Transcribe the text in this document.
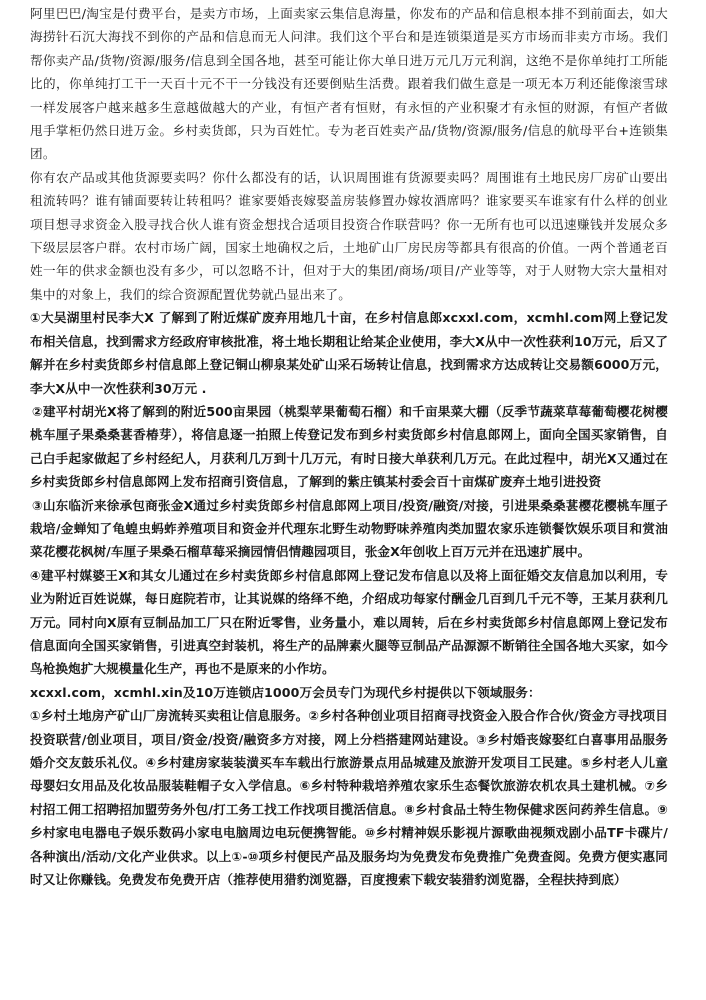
阿里巴巴/淘宝是付费平台，是卖方市场，上面卖家云集信息海量，你发布的产品和信息根本排不到前面去，如大海捞针石沉大海找不到你的产品和信息而无人问津。我们这个平台和是连锁渠道是买方市场而非卖方市场。我们帮你卖产品/货物/资源/服务/信息到全国各地，甚至可能让你大单日进万元几万元利润，这绝不是你单纯打工所能比的，你单纯打工干一天百十元不干一分钱没有还要倒贴生活费。跟着我们做生意是一项无本万利还能像滚雪球一样发展客户越来越多生意越做越大的产业，有恒产者有恒财，有永恒的产业积聚才有永恒的财源，有恒产者做甩手掌柜仍然日进万金。乡村卖货郎，只为百姓忙。专为老百姓卖产品/货物/资源/服务/信息的航母平台+连锁集团。

你有农产品或其他货源要卖吗？你什么都没有的话，认识周围谁有货源要卖吗？周围谁有土地民房厂房矿山要出租流转吗？谁有铺面要转让转租吗？谁家要婚丧嫁娶盖房装修置办嫁妆酒席吗？谁家要买车谁家有什么样的创业项目想寻求资金入股寻找合伙人谁有资金想找合适项目投资合作联营吗？你一无所有也可以迅速赚钱并发展众多下级层层客户群。农村市场广阔，国家土地确权之后，土地矿山厂房民房等都具有很高的价值。一两个普通老百姓一年的供求金额也没有多少，可以忽略不计，但对于大的集团/商场/项目/产业等等，对于人财物大宗大量相对集中的对象上，我们的综合资源配置优势就凸显出来了。

①大吴湖里村民李大X 了解到了附近煤矿废弃用地几十亩，在乡村信息郎xcxxl.com，xcmhl.com网上登记发布相关信息，找到需求方经政府审核批准，将土地长期租让给某企业使用，李大X从中一次性获利10万元，后又了解并在乡村卖货郎乡村信息郎上登记铜山柳泉某处矿山采石场转让信息，找到需求方达成转让交易额6000万元，李大X从中一次性获利30万元 .

②建平村胡光X将了解到的附近500亩果园（桃梨苹果葡萄石榴）和千亩果菜大棚（反季节蔬菜草莓葡萄樱花树樱桃车厘子果桑桑葚香椿芽），将信息逐一拍照上传登记发布到乡村卖货郎乡村信息郎网上，面向全国买家销售，自己白手起家做起了乡村经纪人，月获利几万到十几万元，有时日接大单获利几万元。在此过程中，胡光X又通过在乡村卖货郎乡村信息郎网上发布招商引资信息，了解到的紫庄镇某村委会百十亩煤矿废弃土地引进投资

③山东临沂来徐承包商张金X通过乡村卖货郎乡村信息郎网上项目/投资/融资/对接，引进果桑桑葚樱花樱桃车厘子栽培/金蝉知了龟蝗虫蚂蚱养殖项目和资金并代理东北野生动物野味养殖肉类加盟农家乐连锁餐饮娱乐项目和赏油菜花樱花枫树/车厘子果桑石榴草莓采摘园情侣情趣园项目，张金X年创收上百万元并在迅速扩展中。

④建平村媒婆王X和其女儿通过在乡村卖货郎乡村信息郎网上登记发布信息以及将上面征婚交友信息加以利用，专业为附近百姓说媒，每日庭院若市，让其说媒的络绎不绝，介绍成功每家付酬金几百到几千元不等，王某月获利几万元。同村向X原有豆制品加工厂只在附近零售，业务量小，难以周转，后在乡村卖货郎乡村信息郎网上登记发布信息面向全国买家销售，引进真空封装机，将生产的品牌素火腿等豆制品产品源源不断销往全国各地大买家，如今鸟枪换炮扩大规模量化生产，再也不是原来的小作坊。

xcxxl.com，xcmhl.xin及10万连锁店1000万会员专门为现代乡村提供以下领域服务：

①乡村土地房产矿山厂房流转买卖租让信息服务。②乡村各种创业项目招商寻找资金入股合作合伙/资金方寻找项目投资联营/创业项目，项目/资金/投资/融资多方对接，网上分档搭建网站建设。③乡村婚丧嫁娶红白喜事用品服务婚介交友鼓乐礼仪。④乡村建房家装装潢买车车载出行旅游景点用品城建及旅游开发项目工民建。⑤乡村老人儿童母婴妇女用品及化妆品服装鞋帽子女入学信息。⑥乡村特种栽培养殖农家乐生态餐饮旅游农机农具土建机械。⑦乡村招工佣工招聘招加盟劳务外包/打工务工找工作找项目揽活信息。⑧乡村食品土特生物保健求医问药养生信息。⑨乡村家电电器电子娱乐数码小家电电脑周边电玩便携智能。⑩乡村精神娱乐影视片源歌曲视频戏剧小品TF卡碟片/各种演出/活动/文化产业供求。以上①-⑩项乡村便民产品及服务均为免费发布免费推广免费查阅。免费方便实惠同时又让你赚钱。免费发布免费开店（推荐使用猎豹浏览器，百度搜索下载安装猎豹浏览器，全程扶持到底）
